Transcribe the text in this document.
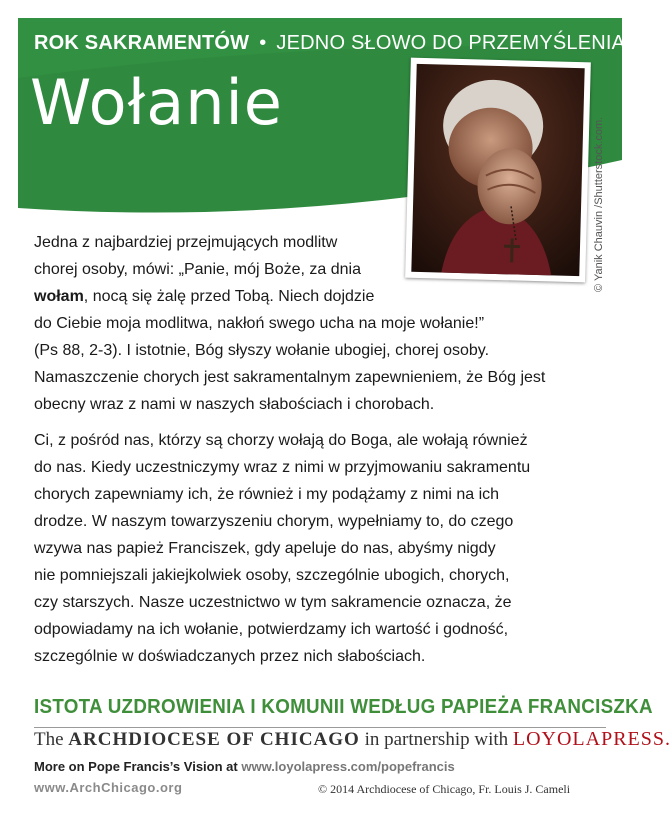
ROK SAKRAMENTÓW • JEDNO SŁOWO DO PRZEMYŚLENIA
Wołanie
© Yanik Chauvin /Shutterstock.com.
Jedna z najbardziej przejmujących modlitw
chorej osoby, mówi: „Panie, mój Boże, za dnia
wołam, nocą się żalę przed Tobą. Niech dojdzie
do Ciebie moja modlitwa, nakłoń swego ucha na moje wołanie!”
(Ps 88, 2-3). I istotnie, Bóg słyszy wołanie ubogiej, chorej osoby.
Namaszczenie chorych jest sakramentalnym zapewnieniem, że Bóg jest
obecny wraz z nami w naszych słabościach i chorobach.
Ci, z pośród nas, którzy są chorzy wołają do Boga, ale wołają również
do nas. Kiedy uczestniczymy wraz z nimi w przyjmowaniu sakramentu
chorych zapewniamy ich, że również i my podążamy z nimi na ich
drodze. W naszym towarzyszeniu chorym, wypełniamy to, do czego
wzywa nas papież Franciszek, gdy apeluje do nas, abyśmy nigdy
nie pomniejszali jakiejkolwiek osoby, szczególnie ubogich, chorych,
czy starszych. Nasze uczestnictwo w tym sakramencie oznacza, że
odpowiadamy na ich wołanie, potwierdzamy ich wartość i godność,
szczególnie w doświadczanych przez nich słabościach.
ISTOTA UZDROWIENIA I KOMUNII WEDŁUG PAPIEŻA FRANCISZKA
The ARCHDIOCESE OF CHICAGO in partnership with LOYOLAPRESS.
More on Pope Francis’s Vision at www.loyolapress.com/popefrancis
www.ArchChicago.org	© 2014 Archdiocese of Chicago, Fr. Louis J. Cameli
